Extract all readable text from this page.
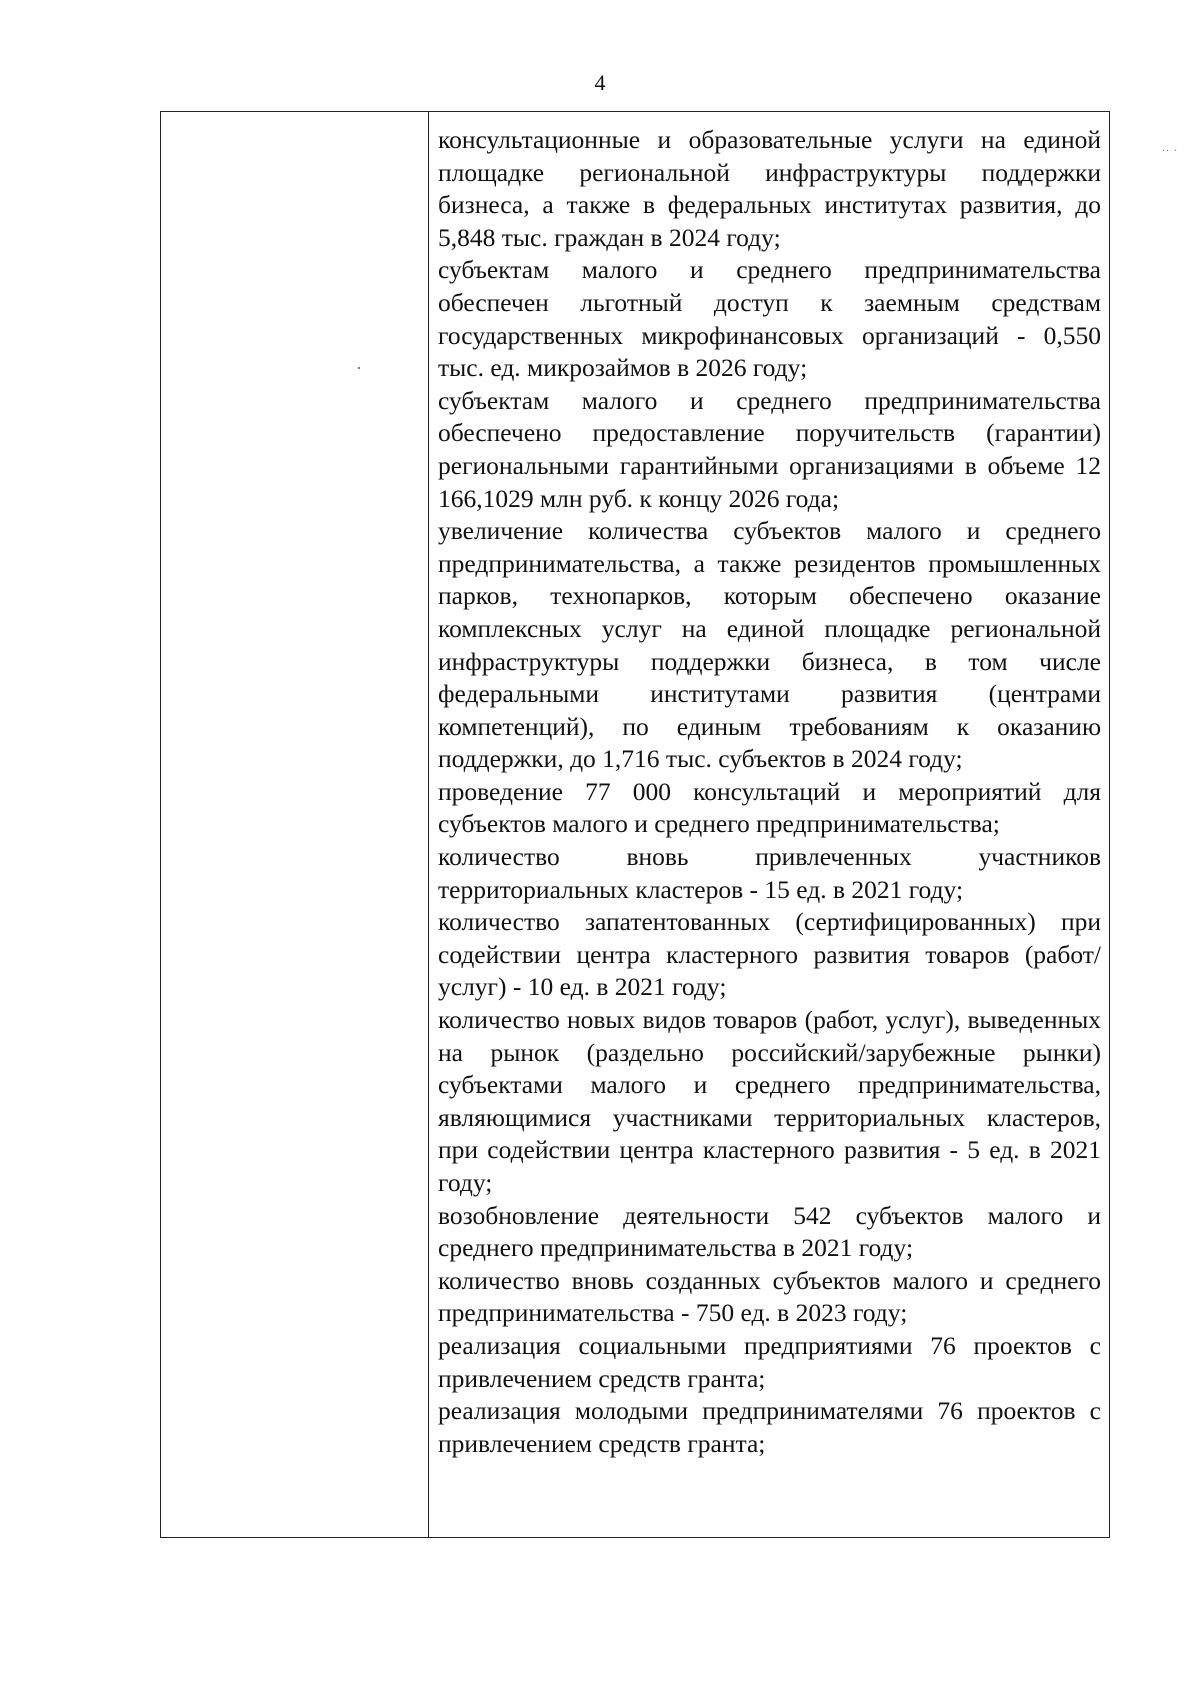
4
.. .

консультационные и образовательные услуги на единой площадке региональной инфраструктуры поддержки бизнеса, а также в федеральных институтах развития, до 5,848 тыс. граждан в 2024 году;

субъектам малого и среднего предпринимательства обеспечен льготный доступ к заемным средствам государственных микрофинансовых организаций - 0,550 тыс. ед. микрозаймов в 2026 году;

субъектам малого и среднего предпринимательства обеспечено предоставление поручительств (гарантии) региональными гарантийными организациями в объеме 12 166,1029 млн руб. к концу 2026 года;

увеличение количества субъектов малого и среднего предпринимательства, а также резидентов промышленных парков, технопарков, которым обеспечено оказание комплексных услуг на единой площадке региональной инфраструктуры поддержки бизнеса, в том числе федеральными институтами развития (центрами компетенций), по единым требованиям к оказанию поддержки, до 1,716 тыс. субъектов в 2024 году;

проведение 77 000 консультаций и мероприятий для субъектов малого и среднего предпринимательства;

количество вновь привлеченных участников территориальных кластеров - 15 ед. в 2021 году;

количество запатентованных (сертифицированных) при содействии центра кластерного развития товаров (работ/услуг) - 10 ед. в 2021 году;

количество новых видов товаров (работ, услуг), выведенных на рынок (раздельно российский/зарубежные рынки) субъектами малого и среднего предпринимательства, являющимися участниками территориальных кластеров, при содействии центра кластерного развития - 5 ед. в 2021 году;

возобновление деятельности 542 субъектов малого и среднего предпринимательства в 2021 году;

количество вновь созданных субъектов малого и среднего предпринимательства - 750 ед. в 2023 году;

реализация социальными предприятиями 76 проектов с привлечением средств гранта;

реализация молодыми предпринимателями 76 проектов с привлечением средств гранта;
